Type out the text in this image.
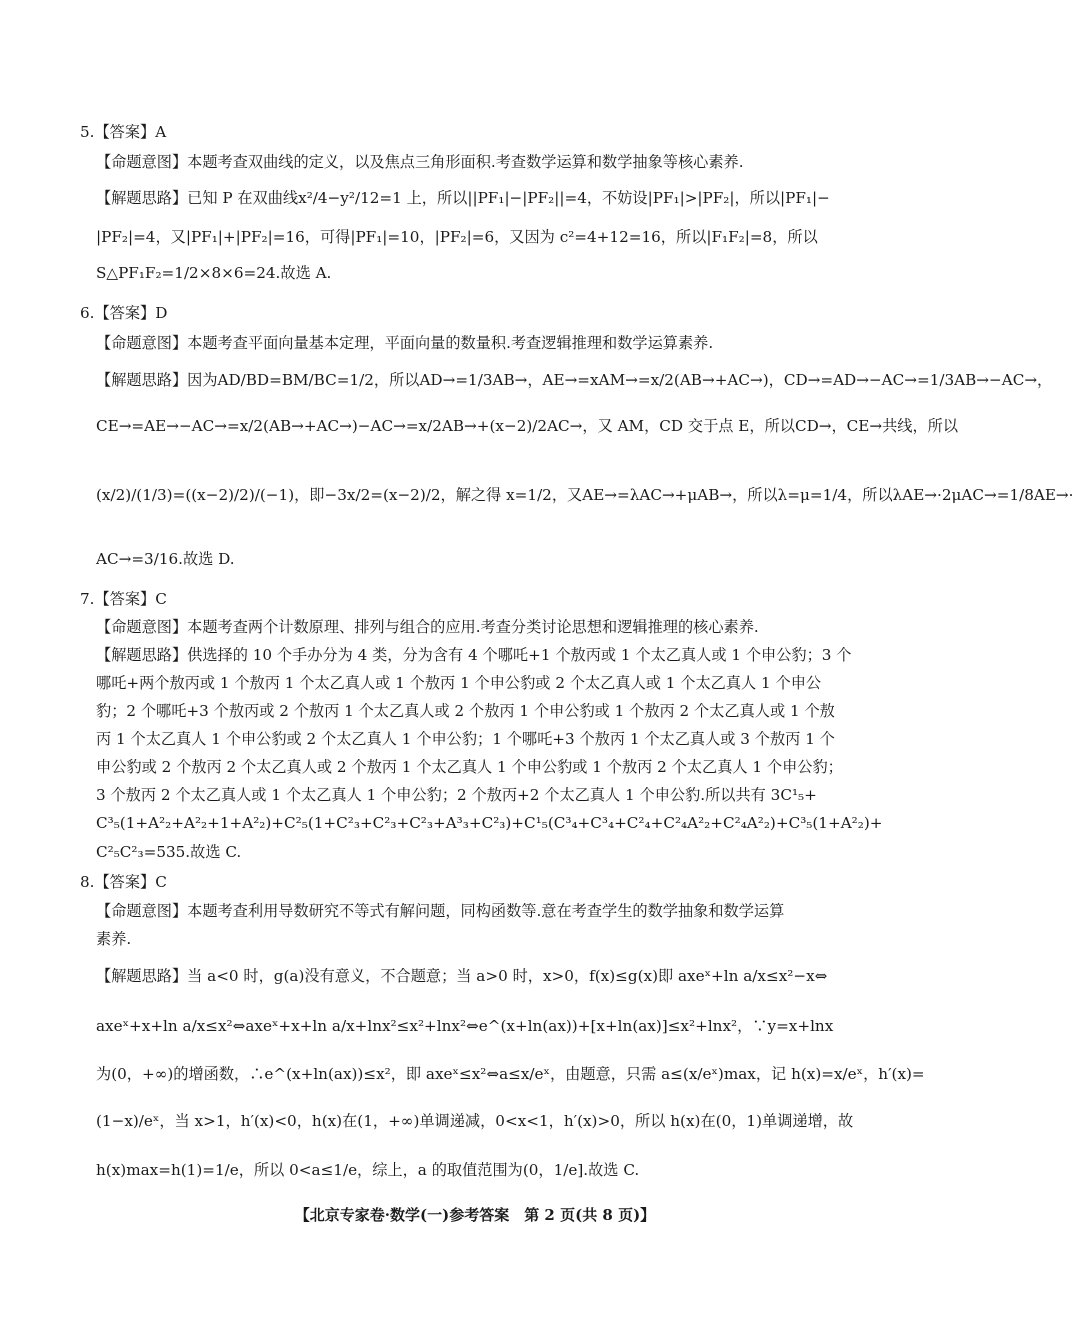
5.【答案】A
【命题意图】本题考查双曲线的定义，以及焦点三角形面积.考查数学运算和数学抽象等核心素养.
【解题思路】已知 P 在双曲线x²/4−y²/12=1 上，所以||PF₁|−|PF₂||=4，不妨设|PF₁|>|PF₂|，所以|PF₁|−
|PF₂|=4，又|PF₁|+|PF₂|=16，可得|PF₁|=10，|PF₂|=6，又因为 c²=4+12=16，所以|F₁F₂|=8，所以
S△PF₁F₂=1/2×8×6=24.故选 A.
6.【答案】D
【命题意图】本题考查平面向量基本定理，平面向量的数量积.考查逻辑推理和数学运算素养.
【解题思路】因为AD/BD=BM/BC=1/2，所以AD→=1/3AB→，AE→=xAM→=x/2(AB→+AC→)，CD→=AD→−AC→=1/3AB→−AC→，
CE→=AE→−AC→=x/2(AB→+AC→)−AC→=x/2AB→+(x−2)/2AC→，又 AM，CD 交于点 E，所以CD→，CE→共线，所以
(x/2)/(1/3)=((x−2)/2)/(−1)，即−3x/2=(x−2)/2，解之得 x=1/2，又AE→=λAC→+μAB→，所以λ=μ=1/4，所以λAE→·2μAC→=1/8AE→·
AC→=3/16.故选 D.
7.【答案】C
【命题意图】本题考查两个计数原理、排列与组合的应用.考查分类讨论思想和逻辑推理的核心素养.
【解题思路】供选择的 10 个手办分为 4 类，分为含有 4 个哪吒+1 个敖丙或 1 个太乙真人或 1 个申公豹；3 个
哪吒+两个敖丙或 1 个敖丙 1 个太乙真人或 1 个敖丙 1 个申公豹或 2 个太乙真人或 1 个太乙真人 1 个申公
豹；2 个哪吒+3 个敖丙或 2 个敖丙 1 个太乙真人或 2 个敖丙 1 个申公豹或 1 个敖丙 2 个太乙真人或 1 个敖
丙 1 个太乙真人 1 个申公豹或 2 个太乙真人 1 个申公豹；1 个哪吒+3 个敖丙 1 个太乙真人或 3 个敖丙 1 个
申公豹或 2 个敖丙 2 个太乙真人或 2 个敖丙 1 个太乙真人 1 个申公豹或 1 个敖丙 2 个太乙真人 1 个申公豹；
3 个敖丙 2 个太乙真人或 1 个太乙真人 1 个申公豹；2 个敖丙+2 个太乙真人 1 个申公豹.所以共有 3C¹₅+
C³₅(1+A²₂+A²₂+1+A²₂)+C²₅(1+C²₃+C²₃+C²₃+A³₃+C²₃)+C¹₅(C³₄+C³₄+C²₄+C²₄A²₂+C²₄A²₂)+C³₅(1+A²₂)+
C²₅C²₃=535.故选 C.
8.【答案】C
【命题意图】本题考查利用导数研究不等式有解问题，同构函数等.意在考查学生的数学抽象和数学运算
素养.
【解题思路】当 a<0 时，g(a)没有意义，不合题意；当 a>0 时，x>0，f(x)≤g(x)即 axeˣ+ln a/x≤x²−x⇔
axeˣ+x+ln a/x≤x²⇔axeˣ+x+ln a/x+lnx²≤x²+lnx²⇔e^(x+ln(ax))+[x+ln(ax)]≤x²+lnx²，∵y=x+lnx
为(0，+∞)的增函数，∴e^(x+ln(ax))≤x²，即 axeˣ≤x²⇔a≤x/eˣ，由题意，只需 a≤(x/eˣ)max，记 h(x)=x/eˣ，h′(x)=
(1−x)/eˣ，当 x>1，h′(x)<0，h(x)在(1，+∞)单调递减，0<x<1，h′(x)>0，所以 h(x)在(0，1)单调递增，故
h(x)max=h(1)=1/e，所以 0<a≤1/e，综上，a 的取值范围为(0，1/e].故选 C.
【北京专家卷·数学(一)参考答案　第 2 页(共 8 页)】
